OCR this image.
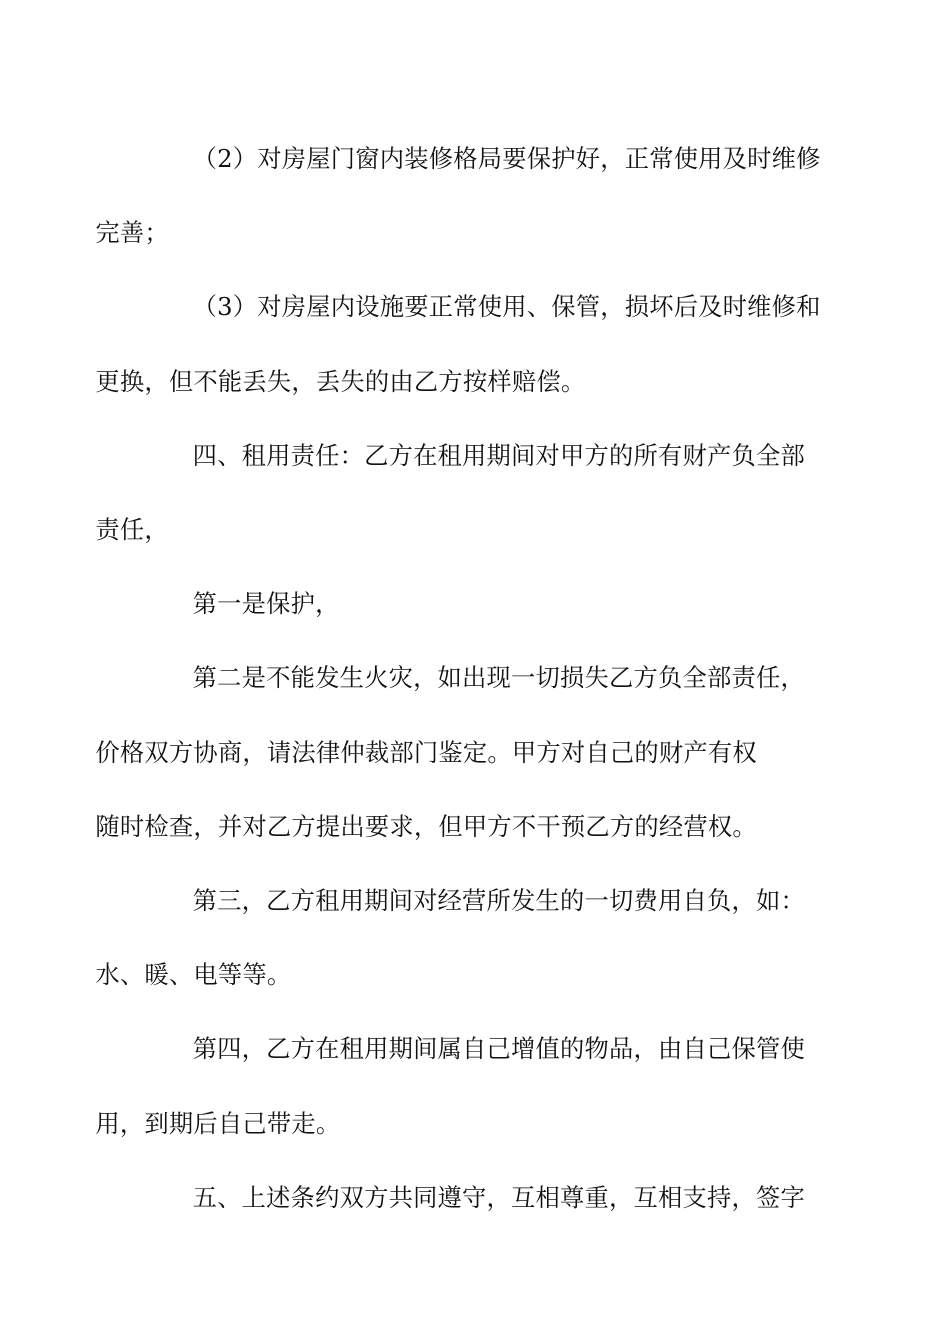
（2）对房屋门窗内装修格局要保护好，正常使用及时维修
完善；

（3）对房屋内设施要正常使用、保管，损坏后及时维修和
更换，但不能丢失，丢失的由乙方按样赔偿。

四、租用责任：乙方在租用期间对甲方的所有财产负全部
责任，

第一是保护，

第二是不能发生火灾，如出现一切损失乙方负全部责任，
价格双方协商，请法律仲裁部门鉴定。甲方对自己的财产有权
随时检查，并对乙方提出要求，但甲方不干预乙方的经营权。

第三，乙方租用期间对经营所发生的一切费用自负，如：
水、暖、电等等。

第四，乙方在租用期间属自己增值的物品，由自己保管使
用，到期后自己带走。

五、上述条约双方共同遵守，互相尊重，互相支持，签字
